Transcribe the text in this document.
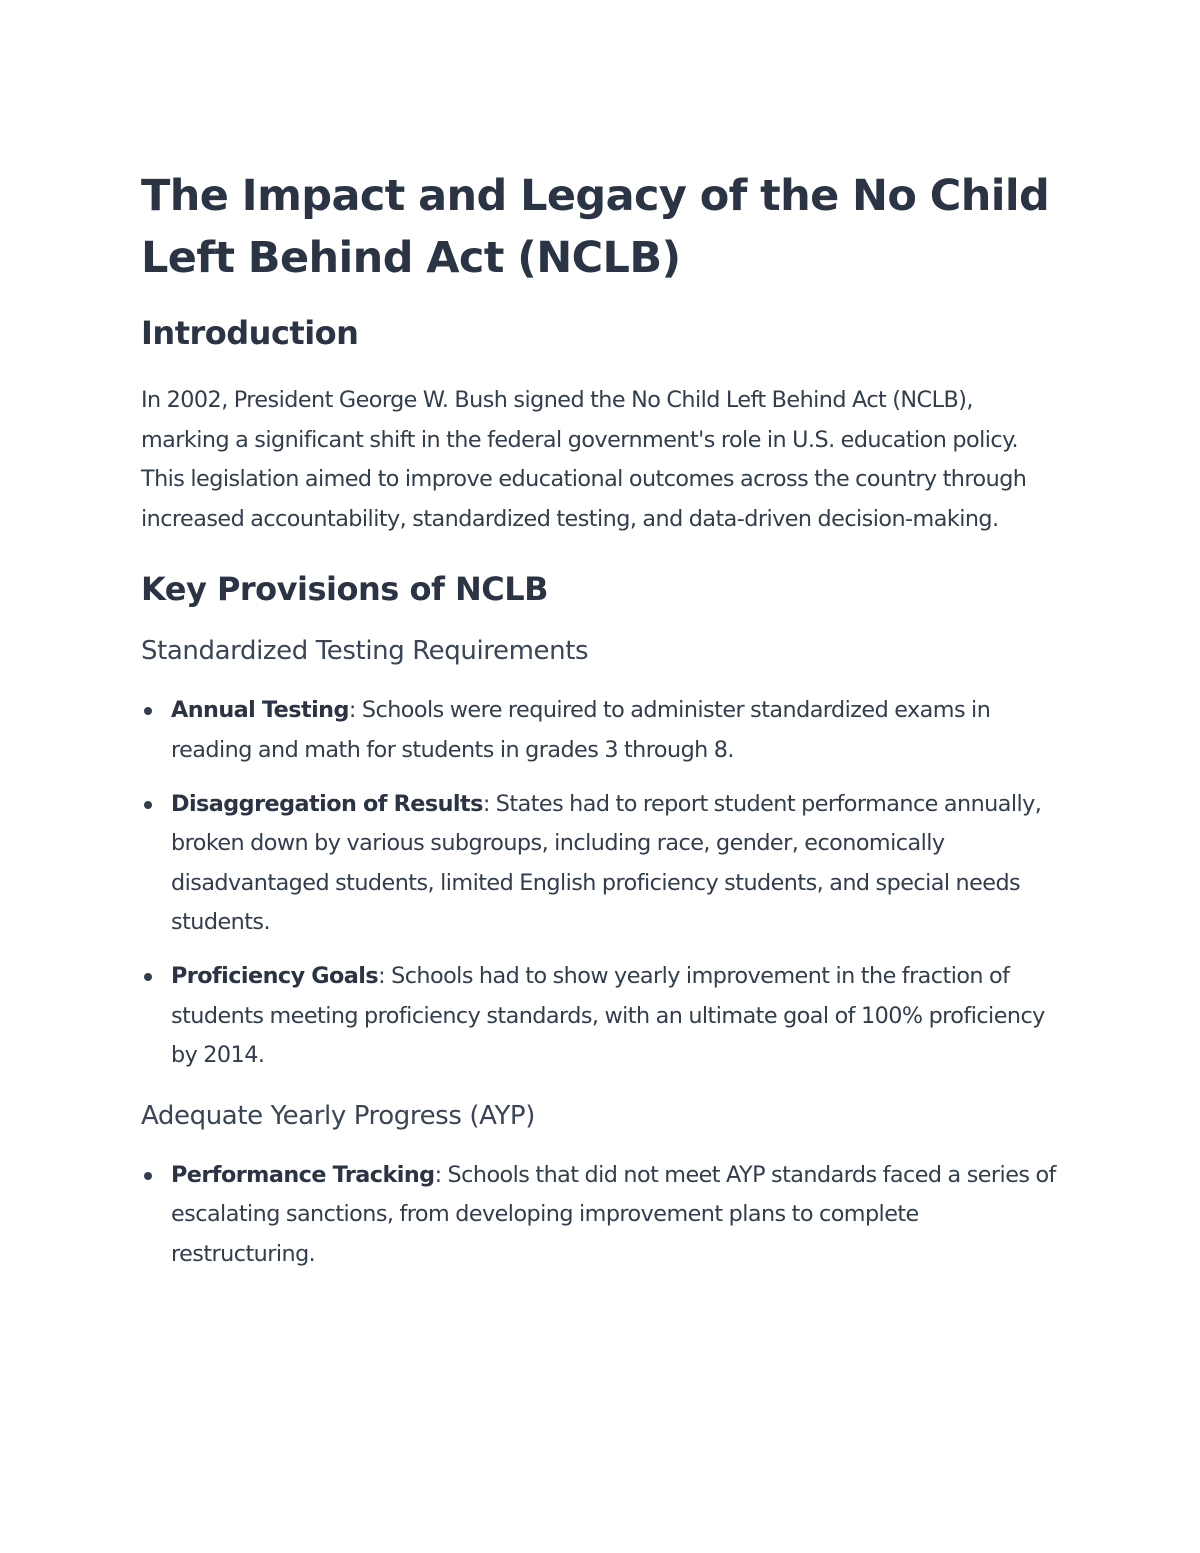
The Impact and Legacy of the No Child Left Behind Act (NCLB)
Introduction

In 2002, President George W. Bush signed the No Child Left Behind Act (NCLB), marking a significant shift in the federal government's role in U.S. education policy. This legislation aimed to improve educational outcomes across the country through increased accountability, standardized testing, and data-driven decision-making.

Key Provisions of NCLB
Standardized Testing Requirements
Annual Testing: Schools were required to administer standardized exams in reading and math for students in grades 3 through 8.
Disaggregation of Results: States had to report student performance annually, broken down by various subgroups, including race, gender, economically disadvantaged students, limited English proficiency students, and special needs students.
Proficiency Goals: Schools had to show yearly improvement in the fraction of students meeting proficiency standards, with an ultimate goal of 100% proficiency by 2014.
Adequate Yearly Progress (AYP)
Performance Tracking: Schools that did not meet AYP standards faced a series of escalating sanctions, from developing improvement plans to complete restructuring.
